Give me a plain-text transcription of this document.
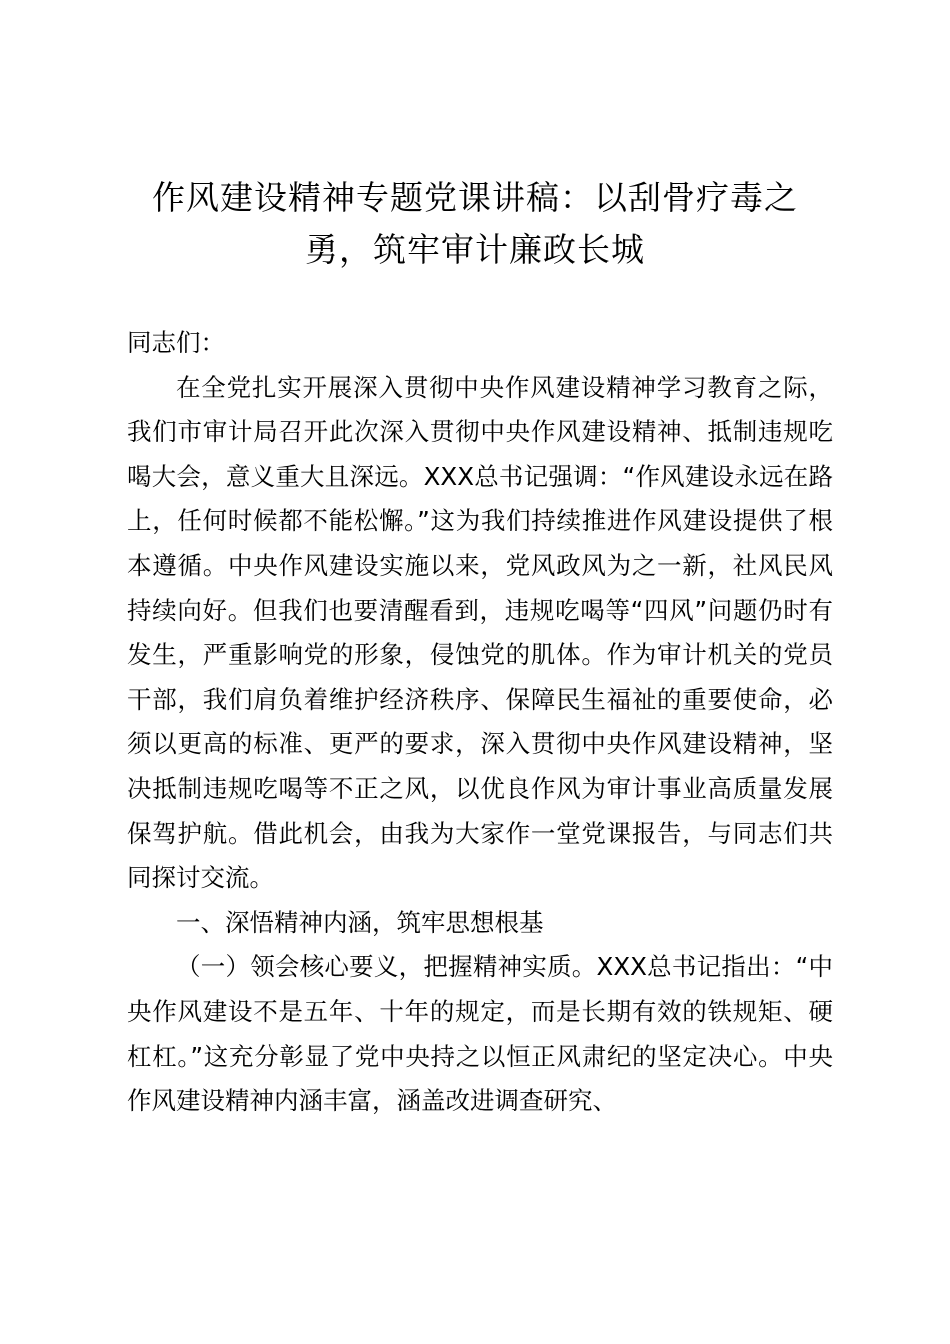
作风建设精神专题党课讲稿：以刮骨疗毒之勇，筑牢审计廉政长城

同志们：

在全党扎实开展深入贯彻中央作风建设精神学习教育之际，我们市审计局召开此次深入贯彻中央作风建设精神、抵制违规吃喝大会，意义重大且深远。XXX总书记强调：“作风建设永远在路上，任何时候都不能松懈。”这为我们持续推进作风建设提供了根本遵循。中央作风建设实施以来，党风政风为之一新，社风民风持续向好。但我们也要清醒看到，违规吃喝等“四风”问题仍时有发生，严重影响党的形象，侵蚀党的肌体。作为审计机关的党员干部，我们肩负着维护经济秩序、保障民生福祉的重要使命，必须以更高的标准、更严的要求，深入贯彻中央作风建设精神，坚决抵制违规吃喝等不正之风，以优良作风为审计事业高质量发展保驾护航。借此机会，由我为大家作一堂党课报告，与同志们共同探讨交流。

一、深悟精神内涵，筑牢思想根基

（一）领会核心要义，把握精神实质。XXX总书记指出：“中央作风建设不是五年、十年的规定，而是长期有效的铁规矩、硬杠杠。”这充分彰显了党中央持之以恒正风肃纪的坚定决心。中央作风建设精神内涵丰富，涵盖改进调查研究、
